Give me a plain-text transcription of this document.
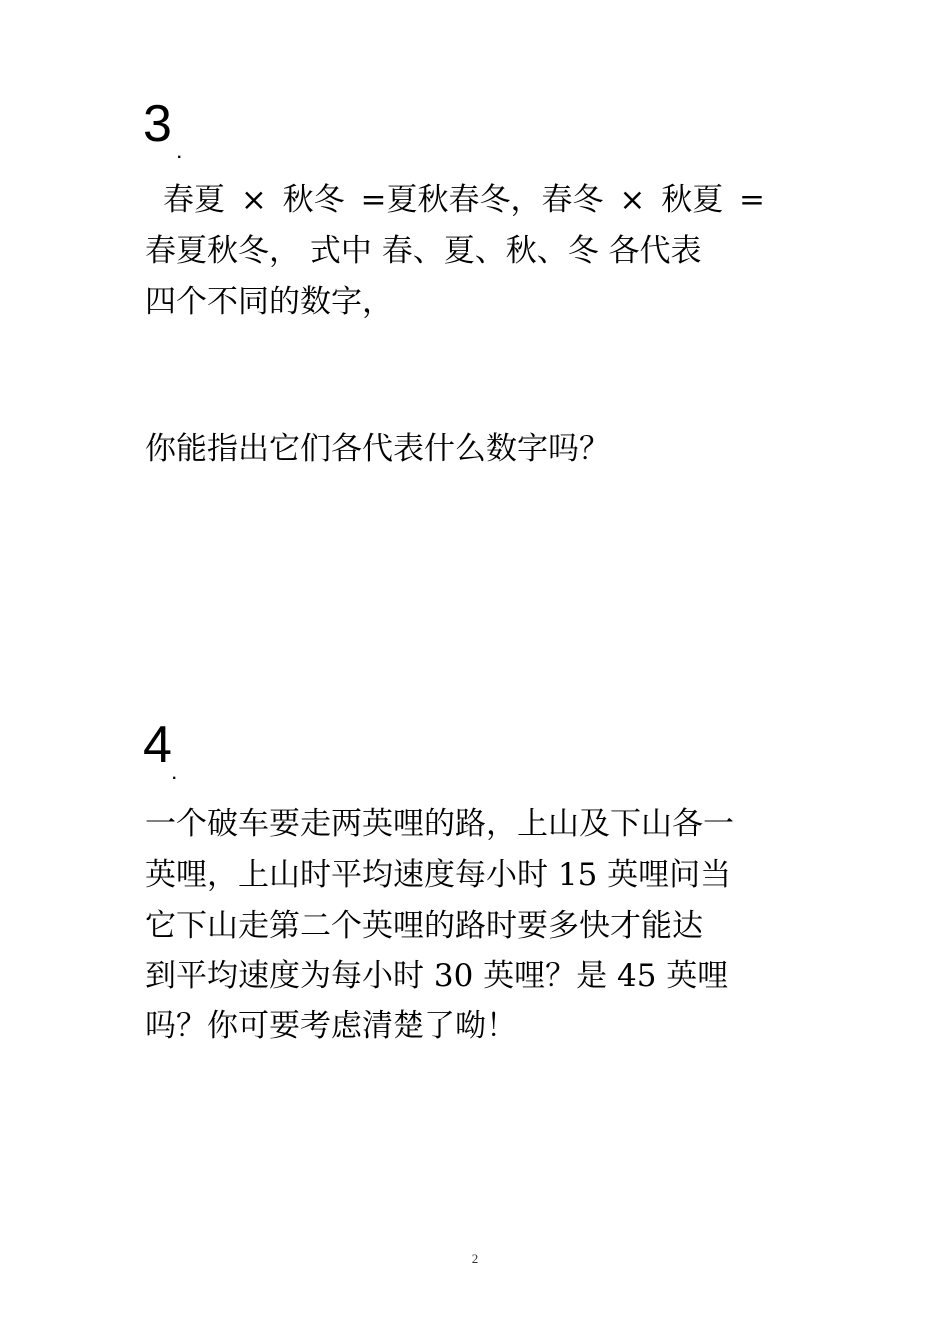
3
.
春夏 × 秋冬 =夏秋春冬，春冬 × 秋夏 =
春夏秋冬， 式中 春、夏、秋、冬 各代表
四个不同的数字，
你能指出它们各代表什么数字吗？
4
.
一个破车要走两英哩的路，上山及下山各一
英哩，上山时平均速度每小时 15 英哩问当
它下山走第二个英哩的路时要多快才能达
到平均速度为每小时 30 英哩？是 45 英哩
吗？你可要考虑清楚了呦！
2
